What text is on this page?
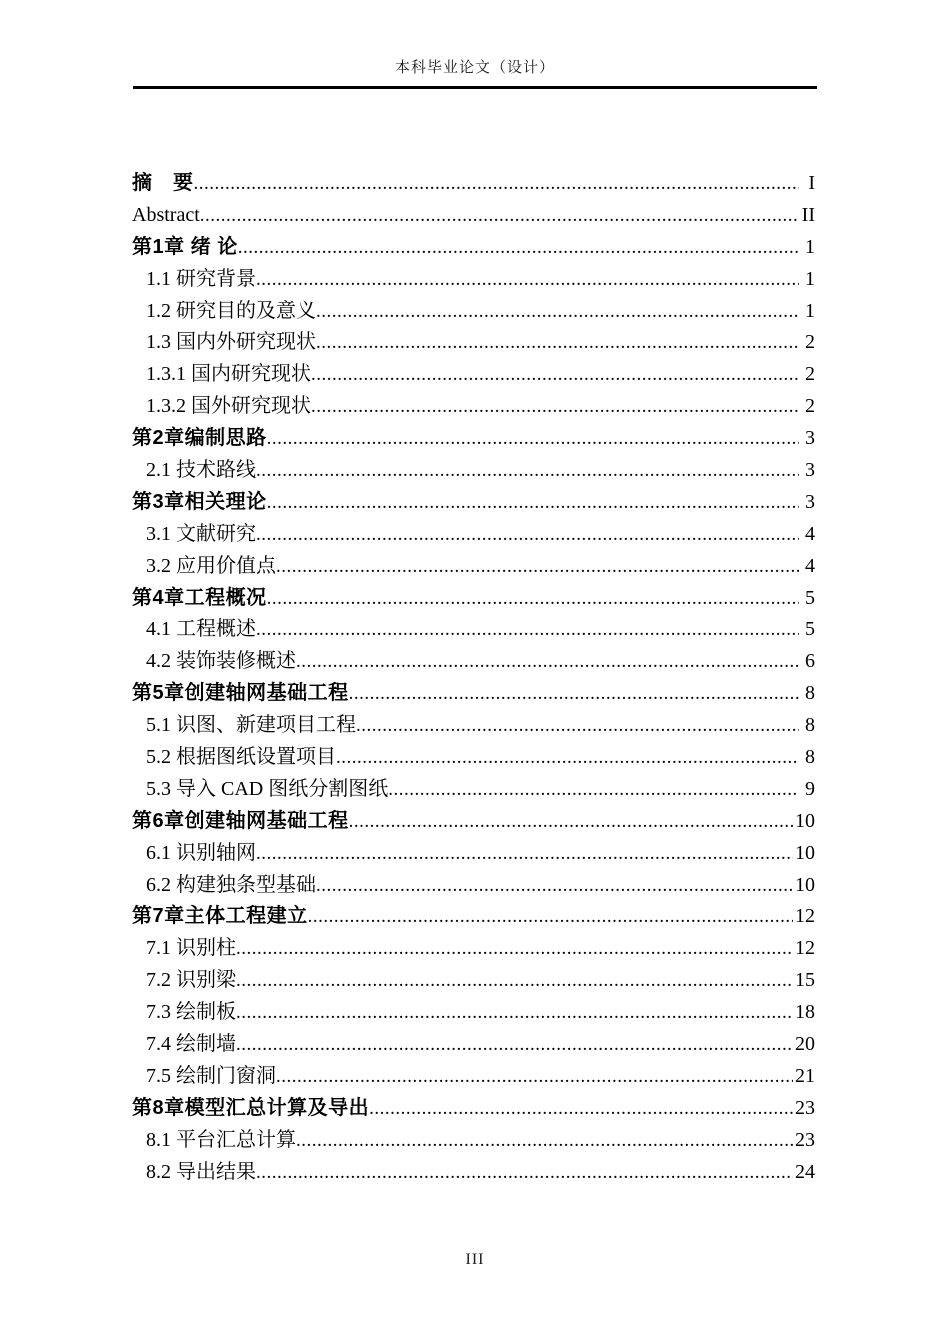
本科毕业论文（设计）
摘　要 .....	I
Abstract .....	II
第1章 绪 论 .....	1
1.1 研究背景 .....	1
1.2 研究目的及意义 .....	1
1.3 国内外研究现状 .....	2
1.3.1 国内研究现状 .....	2
1.3.2 国外研究现状 .....	2
第2章编制思路 .....	3
2.1 技术路线 .....	3
第3章相关理论 .....	3
3.1 文献研究 .....	4
3.2 应用价值点 .....	4
第4章工程概况 .....	5
4.1 工程概述 .....	5
4.2 装饰装修概述 .....	6
第5章创建轴网基础工程 .....	8
5.1 识图、新建项目工程 .....	8
5.2 根据图纸设置项目 .....	8
5.3 导入 CAD 图纸分割图纸 .....	9
第6章创建轴网基础工程 .....	10
6.1 识别轴网 .....	10
6.2 构建独条型基础 .....	10
第7章主体工程建立 .....	12
7.1 识别柱 .....	12
7.2 识别梁 .....	15
7.3 绘制板 .....	18
7.4 绘制墙 .....	20
7.5 绘制门窗洞 .....	21
第8章模型汇总计算及导出 .....	23
8.1 平台汇总计算 .....	23
8.2 导出结果 .....	24
III
